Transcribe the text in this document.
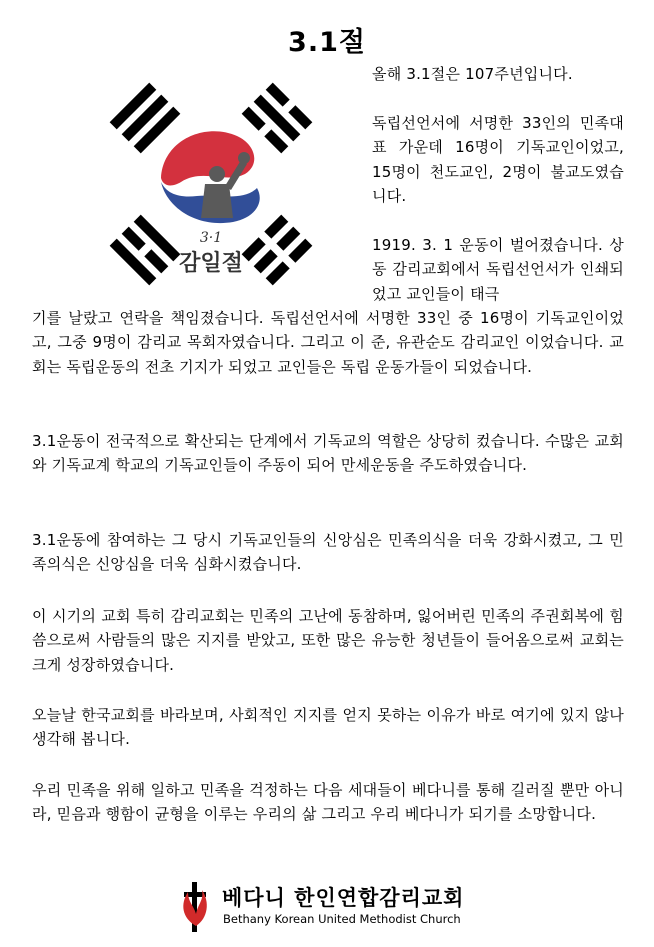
3.1절
3·1
감일절
올해 3.1절은 107주년입니다.
독립선언서에 서명한 33인의 민족대표 가운데 16명이 기독교인이었고, 15명이 천도교인, 2명이 불교도였습니다.
1919. 3. 1 운동이 벌어졌습니다. 상동 감리교회에서 독립선언서가 인쇄되었고 교인들이 태극
기를 날랐고 연락을 책임졌습니다. 독립선언서에 서명한 33인 중 16명이 기독교인이었고, 그중 9명이 감리교 목회자였습니다. 그리고 이 준, 유관순도 감리교인 이었습니다. 교회는 독립운동의 전초 기지가 되었고 교인들은 독립 운동가들이 되었습니다.
3.1운동이 전국적으로 확산되는 단계에서 기독교의 역할은 상당히 컸습니다. 수많은 교회와 기독교계 학교의 기독교인들이 주동이 되어 만세운동을 주도하였습니다.
3.1운동에 참여하는 그 당시 기독교인들의 신앙심은 민족의식을 더욱 강화시켰고, 그 민족의식은 신앙심을 더욱 심화시켰습니다.
이 시기의 교회 특히 감리교회는 민족의 고난에 동참하며, 잃어버린 민족의 주권회복에 힘씀으로써 사람들의 많은 지지를 받았고, 또한 많은 유능한 청년들이 들어옴으로써 교회는 크게 성장하였습니다.
오늘날 한국교회를 바라보며, 사회적인 지지를 얻지 못하는 이유가 바로 여기에 있지 않나 생각해 봅니다.
우리 민족을 위해 일하고 민족을 걱정하는 다음 세대들이 베다니를 통해 길러질 뿐만 아니라, 믿음과 행함이 균형을 이루는 우리의 삶 그리고 우리 베다니가 되기를 소망합니다.
베다니 한인연합감리교회
Bethany Korean United Methodist Church
